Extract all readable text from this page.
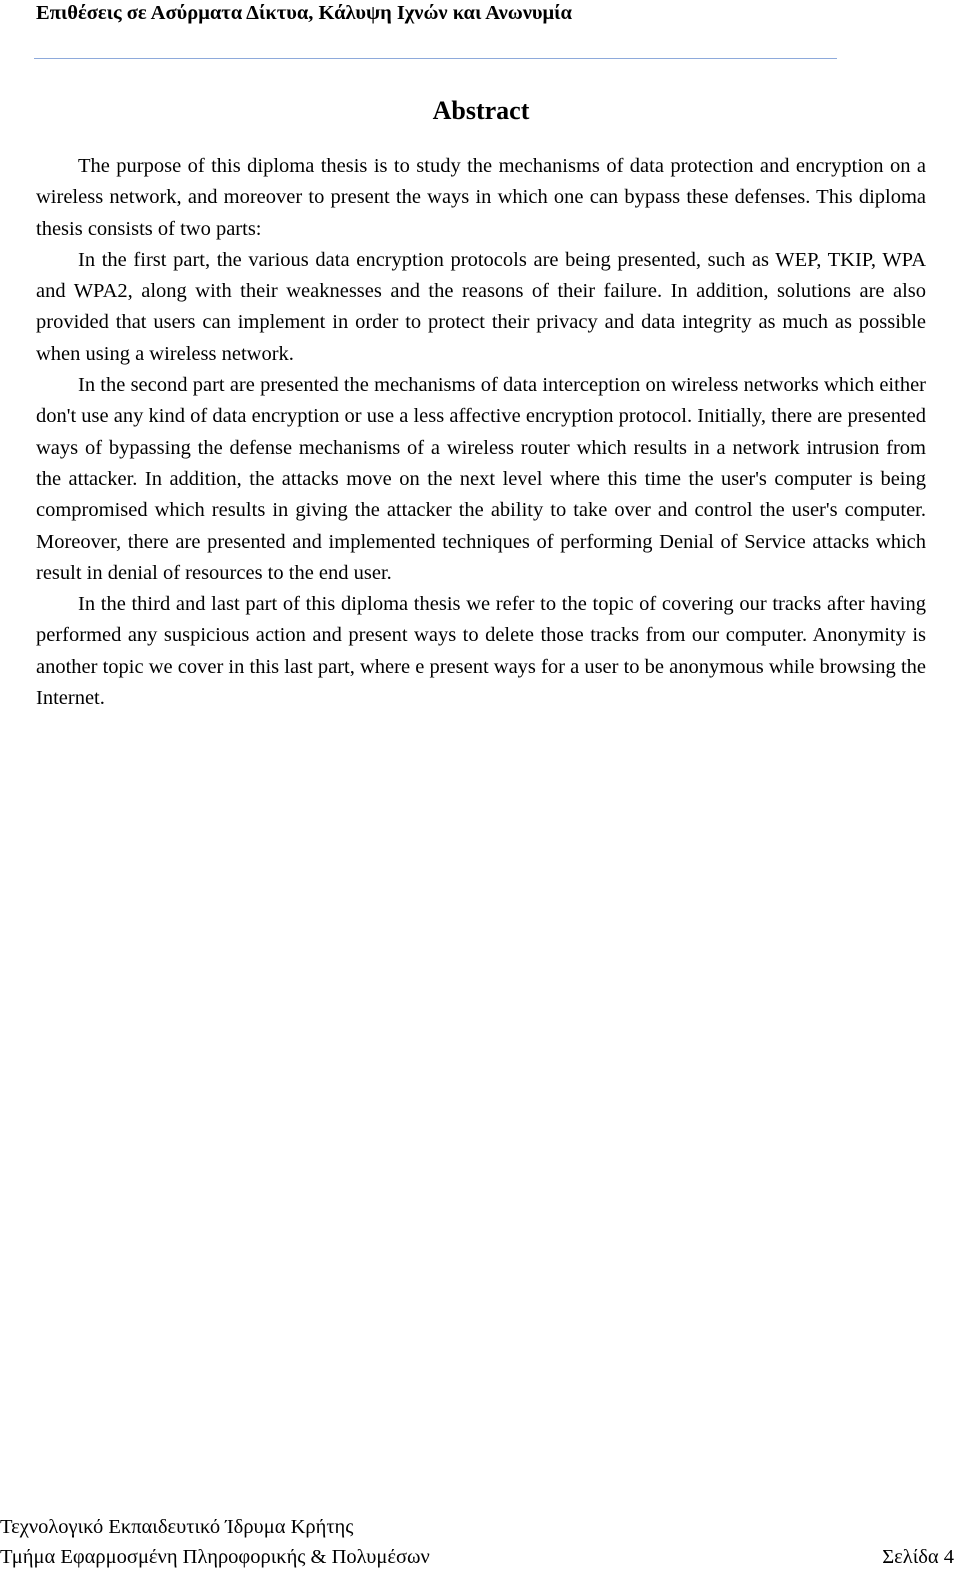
Επιθέσεις σε Ασύρματα Δίκτυα, Κάλυψη Ιχνών και Ανωνυμία
Abstract

The purpose of this diploma thesis is to study the mechanisms of data protection and encryption on a wireless network, and moreover to present the ways in which one can bypass these defenses. This diploma thesis consists of two parts:

In the first part, the various data encryption protocols are being presented, such as WEP, TKIP, WPA and WPA2, along with their weaknesses and the reasons of their failure. In addition, solutions are also provided that users can implement in order to protect their privacy and data integrity as much as possible when using a wireless network.

In the second part are presented the mechanisms of data interception on wireless networks which either don't use any kind of data encryption or use a less affective encryption protocol. Initially, there are presented ways of bypassing the defense mechanisms of a wireless router which results in a network intrusion from the attacker. In addition, the attacks move on the next level where this time the user's computer is being compromised which results in giving the attacker the ability to take over and control the user's computer. Moreover, there are presented and implemented techniques of performing Denial of Service attacks which result in denial of resources to the end user.

In the third and last part of this diploma thesis we refer to the topic of covering our tracks after having performed any suspicious action and present ways to delete those tracks from our computer. Anonymity is another topic we cover in this last part, where e present ways for a user to be anonymous while browsing the Internet.

Τεχνολογικό Εκπαιδευτικό Ίδρυμα Κρήτης
Τμήμα Εφαρμοσμένη Πληροφορικής & Πολυμέσων	Σελίδα 4
